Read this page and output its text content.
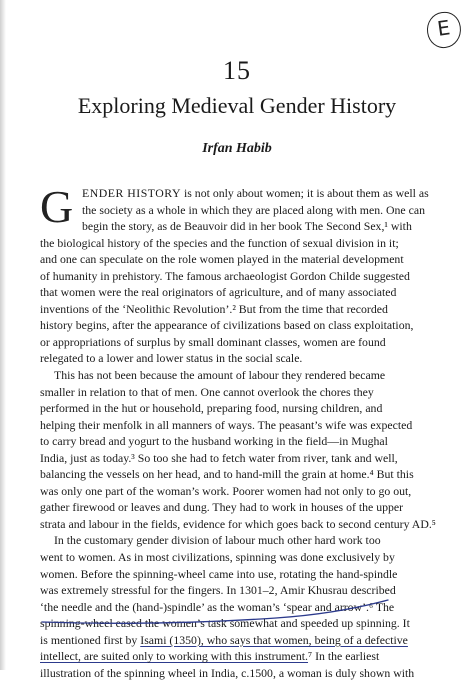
E
15
Exploring Medieval Gender History
Irfan Habib
G ENDER HISTORY is not only about women; it is about them as well as
the society as a whole in which they are placed along with men. One can
begin the story, as de Beauvoir did in her book The Second Sex,¹ with
the biological history of the species and the function of sexual division in it;
and one can speculate on the role women played in the material development
of humanity in prehistory. The famous archaeologist Gordon Childe suggested
that women were the real originators of agriculture, and of many associated
inventions of the ‘Neolithic Revolution’.² But from the time that recorded
history begins, after the appearance of civilizations based on class exploitation,
or appropriations of surplus by small dominant classes, women are found
relegated to a lower and lower status in the social scale.
This has not been because the amount of labour they rendered became
smaller in relation to that of men. One cannot overlook the chores they
performed in the hut or household, preparing food, nursing children, and
helping their menfolk in all manners of ways. The peasant’s wife was expected
to carry bread and yogurt to the husband working in the field—in Mughal
India, just as today.³ So too she had to fetch water from river, tank and well,
balancing the vessels on her head, and to hand-mill the grain at home.⁴ But this
was only one part of the woman’s work. Poorer women had not only to go out,
gather firewood or leaves and dung. They had to work in houses of the upper
strata and labour in the fields, evidence for which goes back to second century AD.⁵
In the customary gender division of labour much other hard work too
went to women. As in most civilizations, spinning was done exclusively by
women. Before the spinning-wheel came into use, rotating the hand-spindle
was extremely stressful for the fingers. In 1301–2, Amir Khusrau described
‘the needle and the (hand-)spindle’ as the woman’s ‘spear and arrow’.⁶ The
spinning-wheel eased the women’s task somewhat and speeded up spinning. It
is mentioned first by Isami (1350), who says that women, being of a defective
intellect, are suited only to working with this instrument.⁷ In the earliest
illustration of the spinning wheel in India, c.1500, a woman is duly shown with
